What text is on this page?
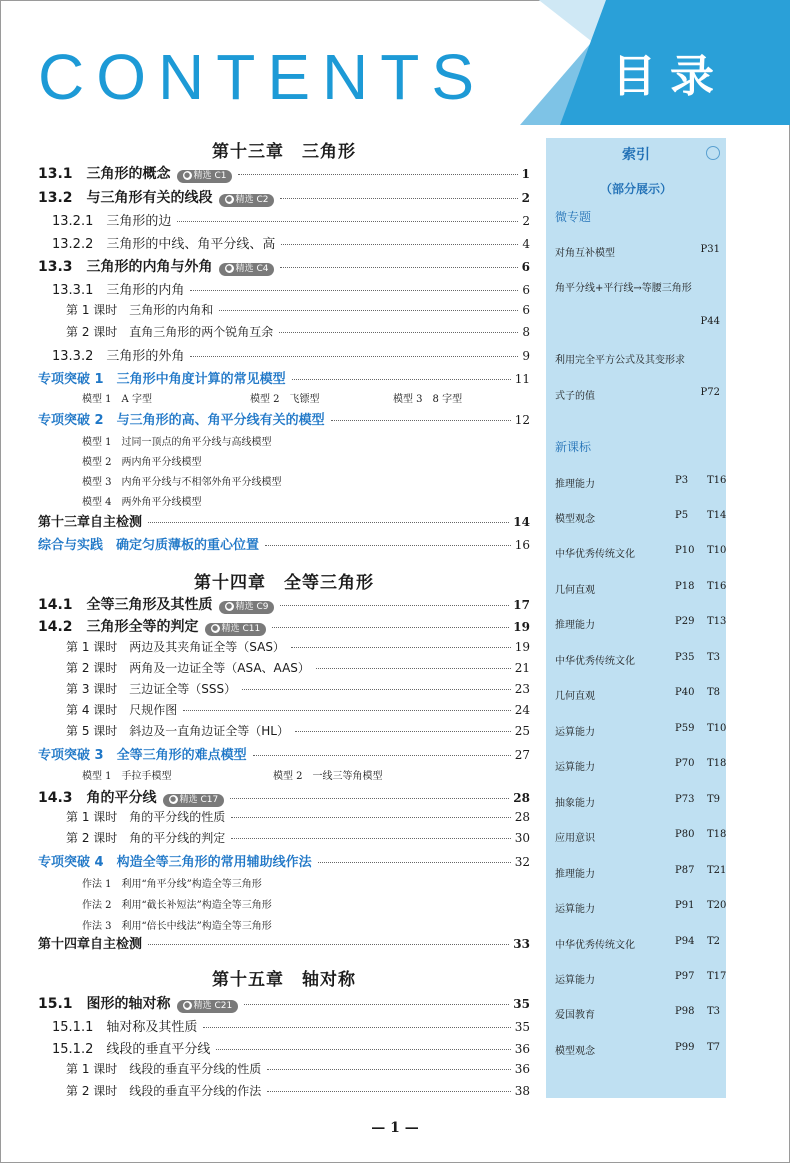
CONTENTS	目录
第十三章　三角形
13.1　三角形的概念 ● 精选 C1	1
13.2　与三角形有关的线段 ● 精选 C2	2
13.2.1　三角形的边	2
13.2.2　三角形的中线、角平分线、高	4
13.3　三角形的内角与外角 ● 精选 C4	6
13.3.1　三角形的内角	6
第 1 课时　三角形的内角和	6
第 2 课时　直角三角形的两个锐角互余	8
13.3.2　三角形的外角	9
专项突破 1　三角形中角度计算的常见模型	11
模型 1　A 字型	模型 2　飞镖型	模型 3　8 字型
专项突破 2　与三角形的高、角平分线有关的模型	12
模型 1　过同一顶点的角平分线与高线模型
模型 2　两内角平分线模型
模型 3　内角平分线与不相邻外角平分线模型
模型 4　两外角平分线模型
第十三章自主检测	14
综合与实践　确定匀质薄板的重心位置	16
第十四章　全等三角形
14.1　全等三角形及其性质 ● 精选 C9	17
14.2　三角形全等的判定 ● 精选 C11	19
第 1 课时　两边及其夹角证全等（SAS）	19
第 2 课时　两角及一边证全等（ASA、AAS）	21
第 3 课时　三边证全等（SSS）	23
第 4 课时　尺规作图	24
第 5 课时　斜边及一直角边证全等（HL）	25
专项突破 3　全等三角形的难点模型	27
模型 1　手拉手模型	模型 2　一线三等角模型
14.3　角的平分线 ● 精选 C17	28
第 1 课时　角的平分线的性质	28
第 2 课时　角的平分线的判定	30
专项突破 4　构造全等三角形的常用辅助线作法	32
作法 1　利用“角平分线”构造全等三角形
作法 2　利用“截长补短法”构造全等三角形
作法 3　利用“倍长中线法”构造全等三角形
第十四章自主检测	33
第十五章　轴对称
15.1　图形的轴对称 ● 精选 C21	35
15.1.1　轴对称及其性质	35
15.1.2　线段的垂直平分线	36
第 1 课时　线段的垂直平分线的性质	36
第 2 课时　线段的垂直平分线的作法	38
索引
（部分展示）
微专题
对角互补模型	P31
角平分线+平行线→等腰三角形
P44
利用完全平方公式及其变形求
式子的值	P72
新课标
推理能力	P3 T16
模型观念	P5 T14
中华优秀传统文化	P10 T10
几何直观	P18 T16
推理能力	P29 T13
中华优秀传统文化	P35 T3
几何直观	P40 T8
运算能力	P59 T10
运算能力	P70 T18
抽象能力	P73 T9
应用意识	P80 T18
推理能力	P87 T21
运算能力	P91 T20
中华优秀传统文化	P94 T2
运算能力	P97 T17
爱国教育	P98 T3
模型观念	P99 T7
— 1 —
